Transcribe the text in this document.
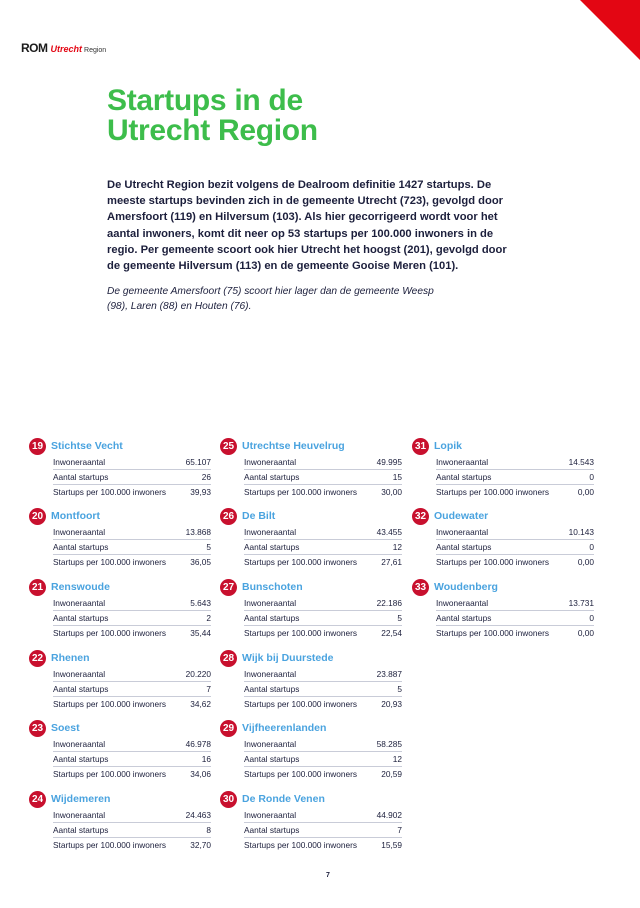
ROM Utrecht Region
Startups in de
Utrecht Region

De Utrecht Region bezit volgens de Dealroom definitie 1427 startups. De meeste startups bevinden zich in de gemeente Utrecht (723), gevolgd door Amersfoort (119) en Hilversum (103). Als hier gecorrigeerd wordt voor het aantal inwoners, komt dit neer op 53 startups per 100.000 inwoners in de regio. Per gemeente scoort ook hier Utrecht het hoogst (201), gevolgd door de gemeente Hilversum (113) en de gemeente Gooise Meren (101).

De gemeente Amersfoort (75) scoort hier lager dan de gemeente Weesp (98), Laren (88) en Houten (76).

19 Stichtse Vecht
Inwoneraantal	65.107
Aantal startups	26
Startups per 100.000 inwoners	39,93
20 Montfoort
Inwoneraantal	13.868
Aantal startups	5
Startups per 100.000 inwoners	36,05
21 Renswoude
Inwoneraantal	5.643
Aantal startups	2
Startups per 100.000 inwoners	35,44
22 Rhenen
Inwoneraantal	20.220
Aantal startups	7
Startups per 100.000 inwoners	34,62
23 Soest
Inwoneraantal	46.978
Aantal startups	16
Startups per 100.000 inwoners	34,06
24 Wijdemeren
Inwoneraantal	24.463
Aantal startups	8
Startups per 100.000 inwoners	32,70
25 Utrechtse Heuvelrug
Inwoneraantal	49.995
Aantal startups	15
Startups per 100.000 inwoners	30,00
26 De Bilt
Inwoneraantal	43.455
Aantal startups	12
Startups per 100.000 inwoners	27,61
27 Bunschoten
Inwoneraantal	22.186
Aantal startups	5
Startups per 100.000 inwoners	22,54
28 Wijk bij Duurstede
Inwoneraantal	23.887
Aantal startups	5
Startups per 100.000 inwoners	20,93
29 Vijfheerenlanden
Inwoneraantal	58.285
Aantal startups	12
Startups per 100.000 inwoners	20,59
30 De Ronde Venen
Inwoneraantal	44.902
Aantal startups	7
Startups per 100.000 inwoners	15,59
31 Lopik
Inwoneraantal	14.543
Aantal startups	0
Startups per 100.000 inwoners	0,00
32 Oudewater
Inwoneraantal	10.143
Aantal startups	0
Startups per 100.000 inwoners	0,00
33 Woudenberg
Inwoneraantal	13.731
Aantal startups	0
Startups per 100.000 inwoners	0,00
7
